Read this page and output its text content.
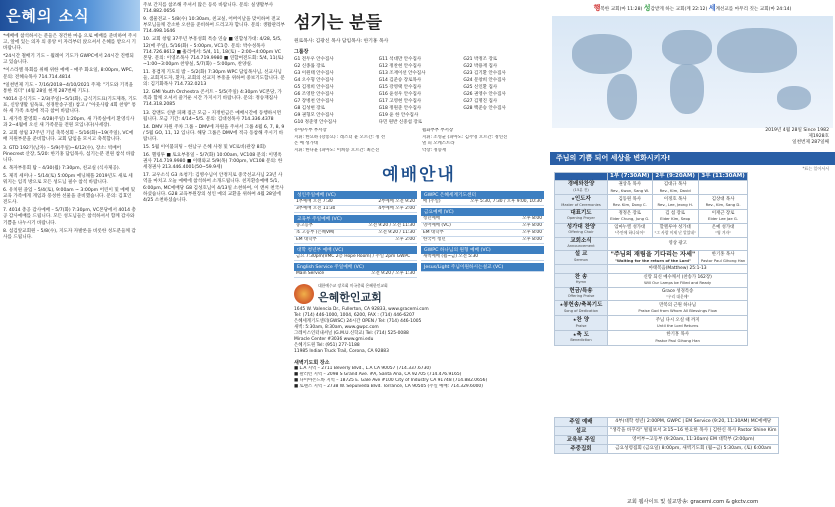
은혜의 소식

*예배에 참석하시는 분들은 경건한 마음 으로 예배를 준비하여 주시고, 앞에 있는 의자 의 중앙 이 자리부터 앉으셔서 은혜를 받으시 기 바랍니다.

*24시간 철배기 기도 – 월례이 기도가 GWPC에서 24시간 진행되고 있습니다.

*이스라엘 목회를 위해 위한 예배 – 매주 화요일, 8:00pm, WPC, 문의: 전혜숙목사 714.714.4814

*일천번제 기도 – 7/16/2018~4/10/2021 주제: "기도와 기적을 통한 리더" (4월 28일 현재 287번째 기도).

*4014 공식기도 – 2/3(주일)~5/1(화), 금식기도표(기도제목, 기도표, 신앙생활 일독표, 성경완송구절) 참고 / "아웃사람 4회 찬양" 통하 새 가족 초청에 적극 참여 바랍니다.

1. 새가족 환영회 – 4/28(주일) 1:20pm, 새 가족실에서 환영식사과 2~4월에 오신 새 가족분들 전원 모입니다(사세장).

2. 교회 창립 37주년 기념 축복성회 – 5/16(화)~19(주일), VC예배 지원부분을 준비합니다. 교회 담임을 모시고 축복합니다.

3. GTD 192기(남자) – 5/9(주일)~6/12(수), 장소: 빅베어 Pinecrest 산장, 5/20: 한기홍 담임목사, 섬기는분 전원 참석 바랍니다.

4. 목자부흥회 탐 – 4/30(월) 7:30pm, 친교실 (식사제공).

5. 제직 세미나 – 5/14(토) 5:00pm 예닝채플 2019년도 새로 세워지는 임직 방으로 모든 성도님 필수 참석 바랍니다.

6. 유치원 졸업 – 5/4(토), 9:00am ~ 3:00pm 어린이 및 예배 및 교육 가족에게 게임과 풍성한 선물을 준비했습니다. 문의: 김효인 전도사.

7. 4014 총공 감사예배 – 5/7(화) 7:30pm, VC본당에서 4014 총공 감사예배를 드립니다. 모든 성도님들은 참석하셔서 함께 감사와 기쁨을 나누시기 바랍니다.

8. 섬김앞교회원 – 5/8(수), 지도자 자발론을 비롯한 성도분들께 감사를 드립니다.

주보 간지를 참조해 주셔서 많은 등록 바랍니다. 문의: 실생활부사 714.882.0656

9. 샘물전교 – 5/8(수) 10:30am, 친교실, 어버이날을 맞이하여 전교 부모님들께 간소한 오찬을 준비하여 드리고자 합니다. 문의: 생활관리부 714.498.1646

10. 교회 창립 37주년 부흥성회 특송 연습 ■ 연합성가대: 4/28, 5/5, 12(매 주일), 5/16(화) – 5:00pm, VC1층. 문의: 박수성목사 714.726.8612 ■ 훌리에서: 5/4, 11, 18(토) – 2:00~4:00pm VC본당. 문의: 이영조목사 714.719.9980 ■ 연합여전도회: 5/4, 11(토) ~1:00~3:00pm 찬양실, 5/7(화) – 5:00pm, 찬양실.

11. 흥겹게 기도의 밤 – 5/2(화) 7:30pm WPC 담임목사님, 선교사님들, 교회지도자, 환자, 교회의 선교지 부흥을 위하여 중보기도합니다. 문의: 김기화목사 714.732.0213

12. GMI Youth Orchestra 콘서트 – 5/5(주일) 4:30pm VC본당, 가족과 함께 오셔서 즐거운 시간 가지시기 바랍니다. 문의: 정승재집사 714.318.2085

13. 감맨도 신발 피패 접근 모금 – 지정헌금은 예배시간에 동행하시면 됩니다. 모금 기간: 4/14~5/5. 문의: 김대성목사 714.336.4378

14. DMV 자원 주차 그룹 – DMV에 자원을 주셔서 그룹 4월 6, 7, 8, 9 / 5월 GO, 11, 12 입니다. 해당 그룹은 DMV에 적극 동참해 주시기 바랍니다.

15. 5월 이이불피팅 – 한남구 은혜 사정 및 VC로비(관장 8회)

16. 헬링투 ■ 토요부흥일 – 5/7(화) 10:00am, VC108 문의: 이명옥권사 714.719.9980 ■ 이태와교 5/9(목) 7:00pm, VC108 문의: 한세경권사 213.446.4001(50~59.9세)

17. 교우소식 G3 초청기: 김병수님이 안정지로 중국선교사님 23년 사역을 마치고 오늘 예배에 참석하여 소개드립니다. 친지환송예배 5/1, 6:00pm, MC예배당 G8 김성호님이 4/13일 소천하여, 이 앤씨 천국사하셨습니다. G28 교육부원장의 성인 예의 교환을 위하여 4월 28일에 4/25 소천하셨습니다.

섬기는 분들
원로목사: 김광신 목사 담임목사: 한기홍 목사
그룹장
G1 전두우 안수집사	G11 석대만 안수집사	G21 박정조 장로
G2 신종률 장로	G12 정찬현 안수집사	G22 박용재 집사
G3 이원태 안수집사	G13 조재이선 안수집사	G23 김기환 안수집사
G4 오수형 안수집사	G14 김준승 장로목사	G24 문창희 안수집사
G5 김정희 안수집사	G15 강영택 안수집사	G25 신인환 집사
G6 조영탄 안수집사	G16 윤성우 안수집사	G26 권영수 안수집사
G7 장병천 안수집사	G17 고영현 안수집사	G27 김명진 집사
G8 김성현 장로	G18 정원준 안수집사	G28 백준승 안수집사
G9 권형모 안수집사	G19 윤 한 안수집사
G10 정준영 안수집사	다민 원반 신중섭 장로
유아/누부 부서장	월화부부 부서장
지휘: 한요하 (강봉요) : 레스더 윤 오르간: 정 선	지휘: 조영균 (피아노: 김주영 오르간: 정연진
온 예 성가대	열 피 오케스트라
지휘: 한다윤 (피아노: 이희승 오르간: 최은진	악장: 정승재
예배안내
성인주일예배 (VC)
1부예배 오전 7:30	2부예배 오전 9:20
3부예배 오전 11:30	4부예배 오후 2:00
교육부 주일예배 (VC)
중고등부	오전 9:20 / 오전 11:30
초 고등부 (은혜VM)	오전 9:20 / 11:30
EM 대학부	오후 2:00
대학 청년부 예배 (VC)
금요 7:30pm(VMC 2층 Hope Room) / 주일 2pm GWPC
English Service 주일예배 (VC)
Main Service	오전 9:20 / 오후 1:30
GWPC 은혜세계기도센터
매 (주일)	오후 5:30, 7:30 / 오후 9:00, 10:30
금요예배 (VC)
청년예배	오후 8:00
영어예배 (VC)	오후 8:00
EM 대학부	오후 8:00
한국어 청년	오후 8:00
GWPC 하나님의 원형 예배 (VC)
새벽예배 (월~금) 오전 5:30
Jesus/Light 주님이원하시는설교 (VC)
대한예수교 장로회 미국총회 은혜한인교회
은혜한인교회
1645 W. Valencia Dr., Fullerton, CA 92833, www.gracemi.com
Tel: (714) 446-1000, 1004, 6200, FAX : (714) 446-6207
은혜세계기도센터(GWSC) 24시간 OPEN / Tel: (714) 446-1005
새벽: 5:30am, 8:30am, www.gwpc.com
그레이스인터내셔널 (G.M.U.신학교) Tel: (714) 525-0088
Miracle Center #3036 www.gmi.edu
은혜기도원 Tel: (951) 277-1188
11985 Indian Truck Trail, Corona, CA 92883
새벽기도회 장소
■ L.A 지역 – 2711 Beverly Blvd., L.A CA 90057 (714.337.6730)
■ 팔러턴 지역 – 2098 S Grand Ave. #A, Santa Ana, CA 92705 (714.476.9165)
■ 다이아몬드바 지역 – 18725 E. Gale Ave #100 City of Industry CA 91748 (714.882.0656)
■ 토랜스 지역 – 2738 W. Sepulveda Blvd. Torrance, CA 90505 (주일 예배: 714.329.6000)
행복한 교회(마 11:28) 성감받게 하는 교회(계 22:12) 세계선교를 마무리 짓는 교회(마 24:14)
2019년 4월 28일 Since 1982
제1928호
일천번제 287일째
주님의 기쁨 되어 세상을 변화시키자!
*표는 일어서서
	1부 (7:30AM)	2부 (9:20AM)	3부 (11:30AM)
경배와찬양
(15분 전)	권상욱 목사
Rev., Kwon, Sang W.	김대규 목사
Rev., Kim, David	

★인도자
Master of Ceremonies	김동원 목사
Rev. Kim, Dong C.	이정호 목사
Rev., Lee, Jeong H.	김상대 목사
Rev., Kim, Sang D.

대표기도
Opening Prayer	정정온 장로
Elder Chung, Jung G.	김 섭 장로
Elder Kim, Seop	이재근 장로
Elder Lee Jae G.

성가대 찬양
Offering Choir	임마누엘 성가대
"주안에 하나되어"	할렐루야 성가대
"그 사랑 이제 난 알았네"	온예 성가대
"영 겨자"

교회소식
Announcement	영상 광고		
설 교
Sermon	"주님의 재림을 기다리는 자세"
"Waiting for the return of the Lord"		한기홍 목사
Pastor Paul Gihong Han

	마태복음(Matthew) 25:1-13		
찬 송
Hymn	신랑 되신 예수께서 (찬송가 162장)
Will Our Lamps be Filled and Ready		

헌금/특송
Offering Praise	Grace 성경특송
"우리 대운에"		

★봉헌송/축복기도
Song of Dedication	만복의 근원 하나님
Praise God from Whom All Blessings Flow		

★찬 양
Praise	주님 다시 오실 때 까지
Until the Lord Returns		

★축 도
Benediction	한기홍 목사
Pastor Paul Gihong Han		
주일 예배	4부(대학 청년) 2:00PM, GWPC | EM Service (9:20, 11:30AM) MC예배당
설교	"생각을 바꾸라" 빌립보서 3:15~16 한요한 목사 | 김한신 목사 Pastor Shine Kim
교육부 주일	영어부~고등부 (9:20am, 11:30am) EM 대학부 (2:00pm)
주중집회	금요성령집회 (금요일) 8:00pm, 새벽기도회 (월~금) 5:30am, (토) 6:00am
교회 웹사이트 및 설교방송: gracemi.com & gkctv.com
